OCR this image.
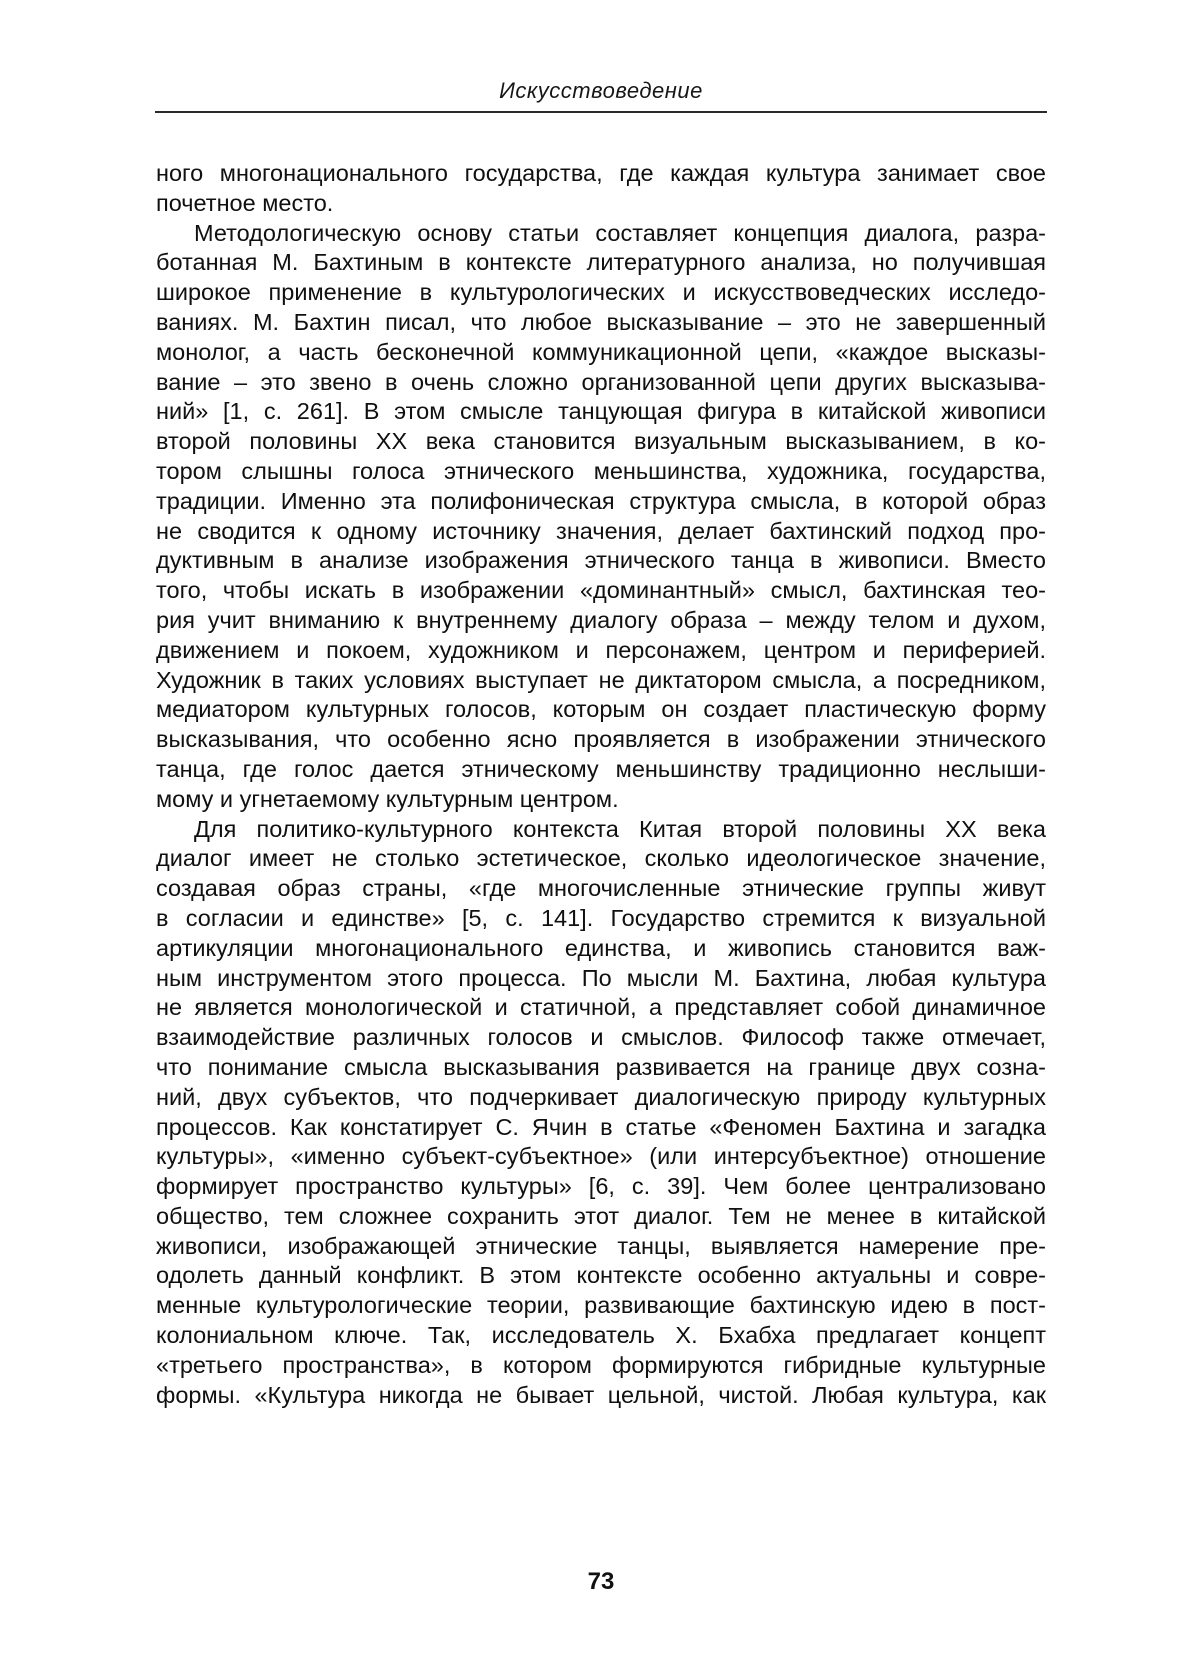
Искусствоведение
ного многонационального государства, где каждая культура занимает свое
почетное место.
Методологическую основу статьи составляет концепция диалога, разра-
ботанная М. Бахтиным в контексте литературного анализа, но получившая
широкое применение в культурологических и искусствоведческих исследо-
ваниях. М. Бахтин писал, что любое высказывание – это не завершенный
монолог, а часть бесконечной коммуникационной цепи, «каждое высказы-
вание – это звено в очень сложно организованной цепи других высказыва-
ний» [1, с. 261]. В этом смысле танцующая фигура в китайской живописи
второй половины XX века становится визуальным высказыванием, в ко-
тором слышны голоса этнического меньшинства, художника, государства,
традиции. Именно эта полифоническая структура смысла, в которой образ
не сводится к одному источнику значения, делает бахтинский подход про-
дуктивным в анализе изображения этнического танца в живописи. Вместо
того, чтобы искать в изображении «доминантный» смысл, бахтинская тео-
рия учит вниманию к внутреннему диалогу образа – между телом и духом,
движением и покоем, художником и персонажем, центром и периферией.
Художник в таких условиях выступает не диктатором смысла, а посредником,
медиатором культурных голосов, которым он создает пластическую форму
высказывания, что особенно ясно проявляется в изображении этнического
танца, где голос дается этническому меньшинству традиционно неслыши-
мому и угнетаемому культурным центром.
Для политико-культурного контекста Китая второй половины XX века
диалог имеет не столько эстетическое, сколько идеологическое значение,
создавая образ страны, «где многочисленные этнические группы живут
в согласии и единстве» [5, с. 141]. Государство стремится к визуальной
артикуляции многонационального единства, и живопись становится важ-
ным инструментом этого процесса. По мысли М. Бахтина, любая культура
не является монологической и статичной, а представляет собой динамичное
взаимодействие различных голосов и смыслов. Философ также отмечает,
что понимание смысла высказывания развивается на границе двух созна-
ний, двух субъектов, что подчеркивает диалогическую природу культурных
процессов. Как констатирует С. Ячин в статье «Феномен Бахтина и загадка
культуры», «именно субъект-субъектное» (или интерсубъектное) отношение
формирует пространство культуры» [6, с. 39]. Чем более централизовано
общество, тем сложнее сохранить этот диалог. Тем не менее в китайской
живописи, изображающей этнические танцы, выявляется намерение пре-
одолеть данный конфликт. В этом контексте особенно актуальны и совре-
менные культурологические теории, развивающие бахтинскую идею в пост-
колониальном ключе. Так, исследователь Х. Бхабха предлагает концепт
«третьего пространства», в котором формируются гибридные культурные
формы. «Культура никогда не бывает цельной, чистой. Любая культура, как
73
